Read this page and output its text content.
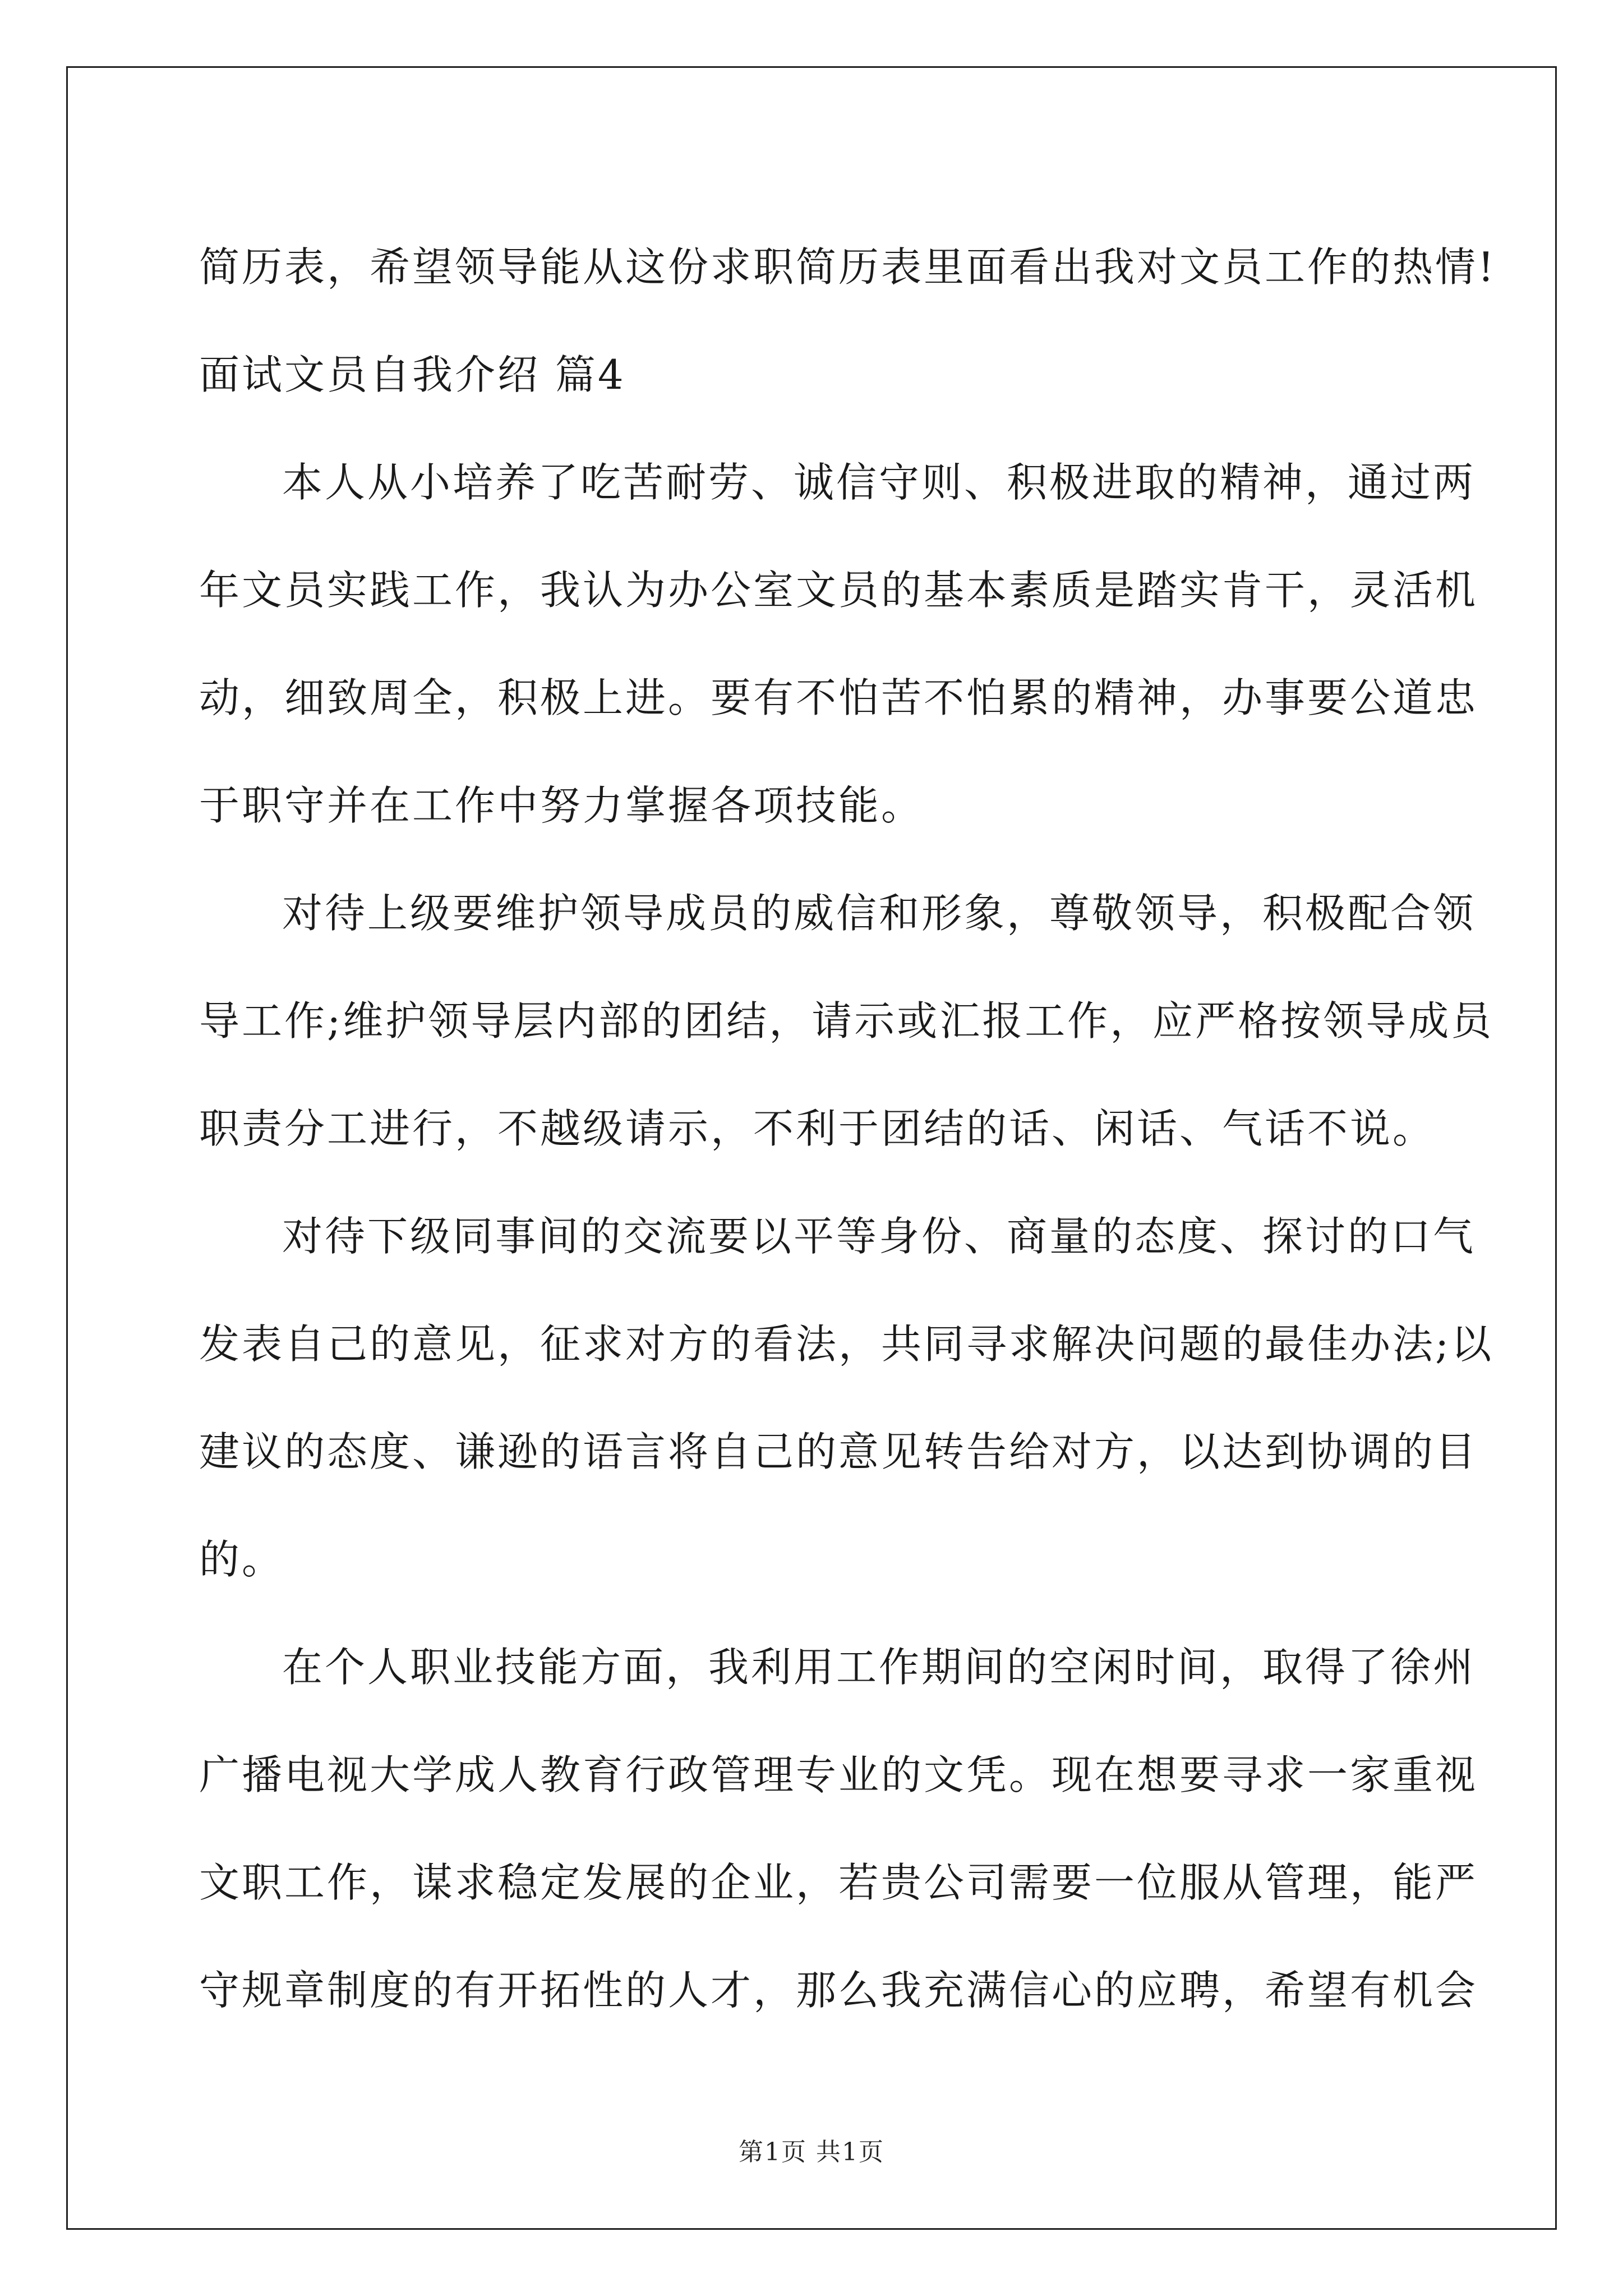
简历表，希望领导能从这份求职简历表里面看出我对文员工作的热情!
面试文员自我介绍 篇4
本人从小培养了吃苦耐劳、诚信守则、积极进取的精神，通过两
年文员实践工作，我认为办公室文员的基本素质是踏实肯干，灵活机
动，细致周全，积极上进。要有不怕苦不怕累的精神，办事要公道忠
于职守并在工作中努力掌握各项技能。
对待上级要维护领导成员的威信和形象，尊敬领导，积极配合领
导工作;维护领导层内部的团结，请示或汇报工作，应严格按领导成员
职责分工进行，不越级请示，不利于团结的话、闲话、气话不说。
对待下级同事间的交流要以平等身份、商量的态度、探讨的口气
发表自己的意见，征求对方的看法，共同寻求解决问题的最佳办法;以
建议的态度、谦逊的语言将自己的意见转告给对方，以达到协调的目
的。
在个人职业技能方面，我利用工作期间的空闲时间，取得了徐州
广播电视大学成人教育行政管理专业的文凭。现在想要寻求一家重视
文职工作，谋求稳定发展的企业，若贵公司需要一位服从管理，能严
守规章制度的有开拓性的人才，那么我充满信心的应聘，希望有机会
第1页 共1页
